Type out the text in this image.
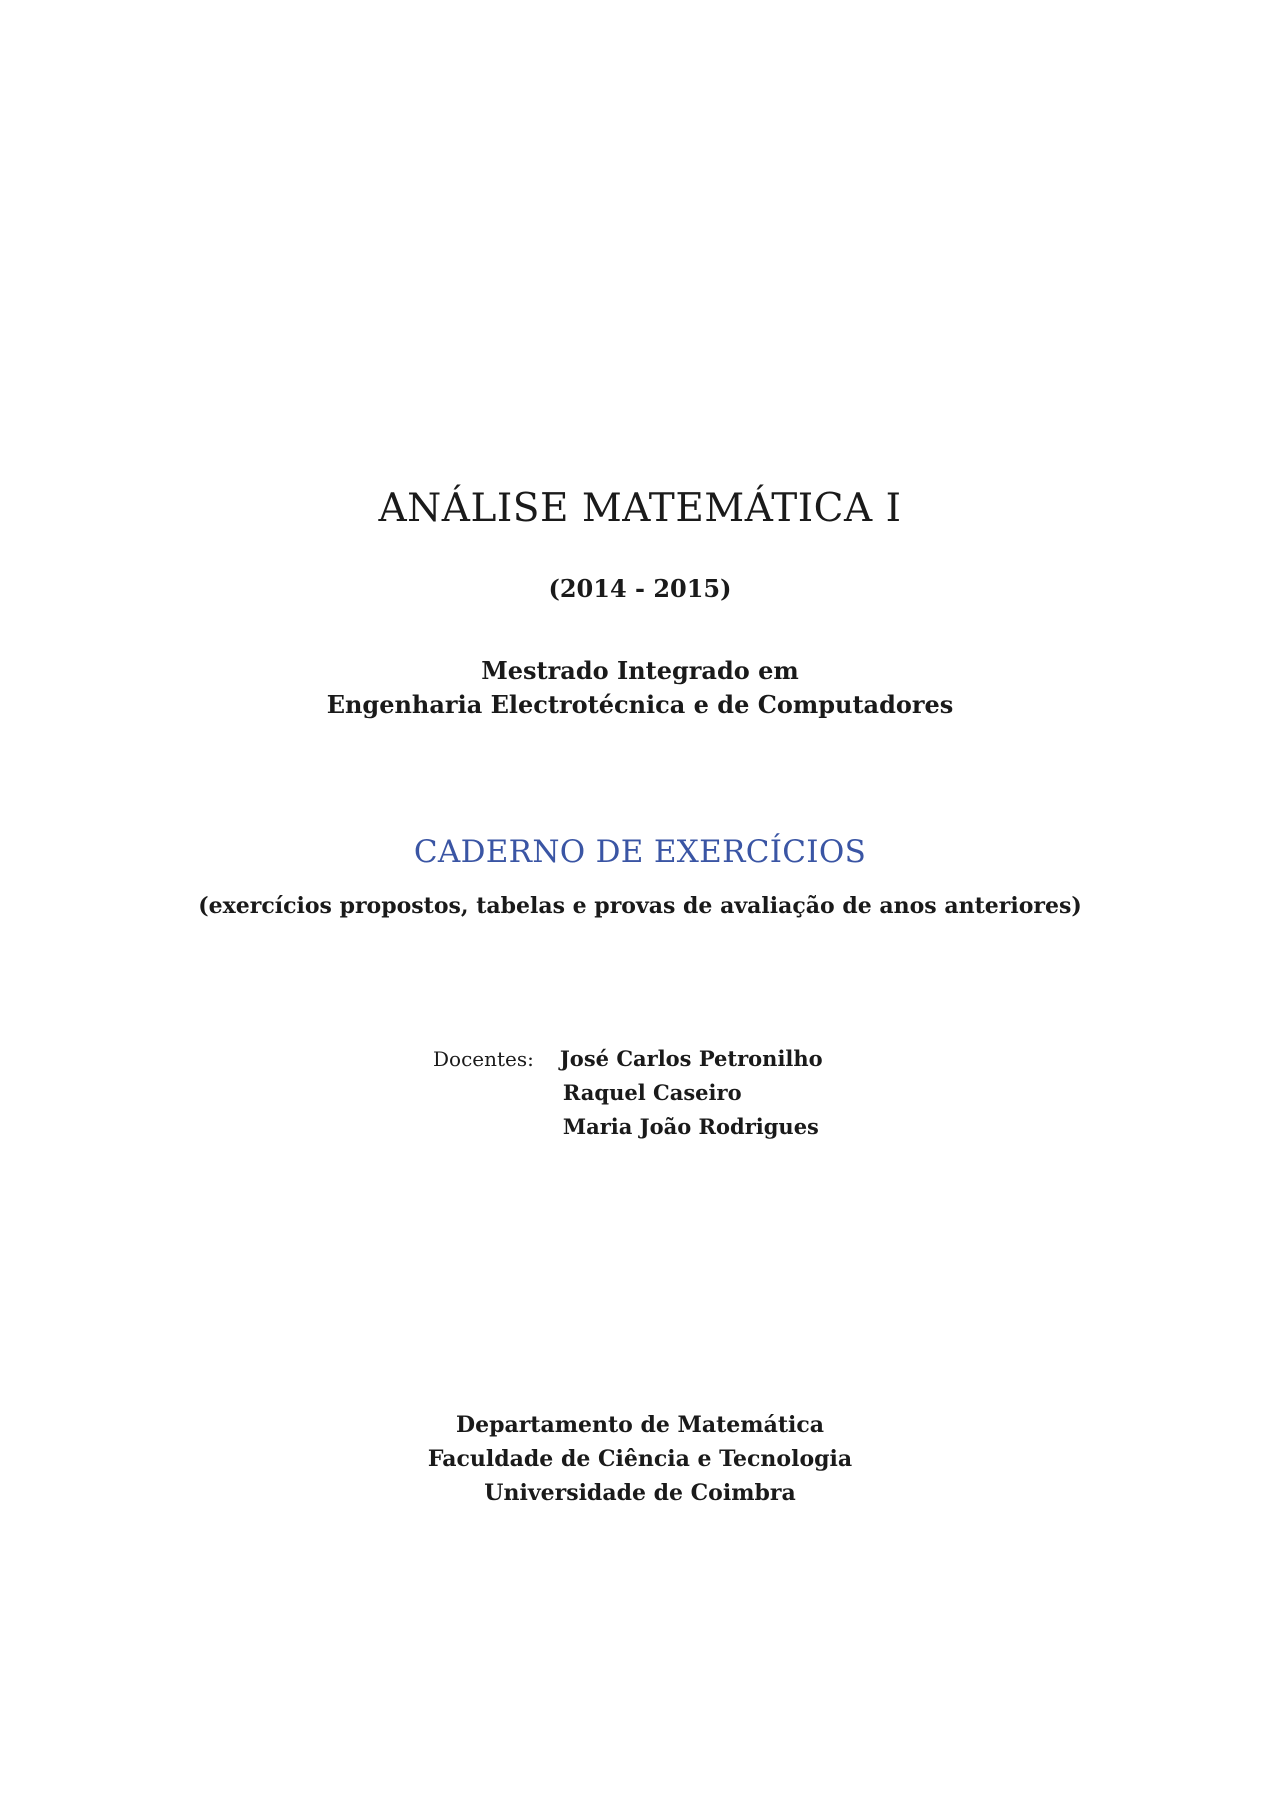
ANÁLISE MATEMÁTICA I
(2014 - 2015)
Mestrado Integrado em
Engenharia Electrotécnica e de Computadores
CADERNO DE EXERCÍCIOS
(exercícios propostos, tabelas e provas de avaliação de anos anteriores)
Docentes: José Carlos Petronilho
Raquel Caseiro
Maria João Rodrigues
Departamento de Matemática
Faculdade de Ciência e Tecnologia
Universidade de Coimbra
